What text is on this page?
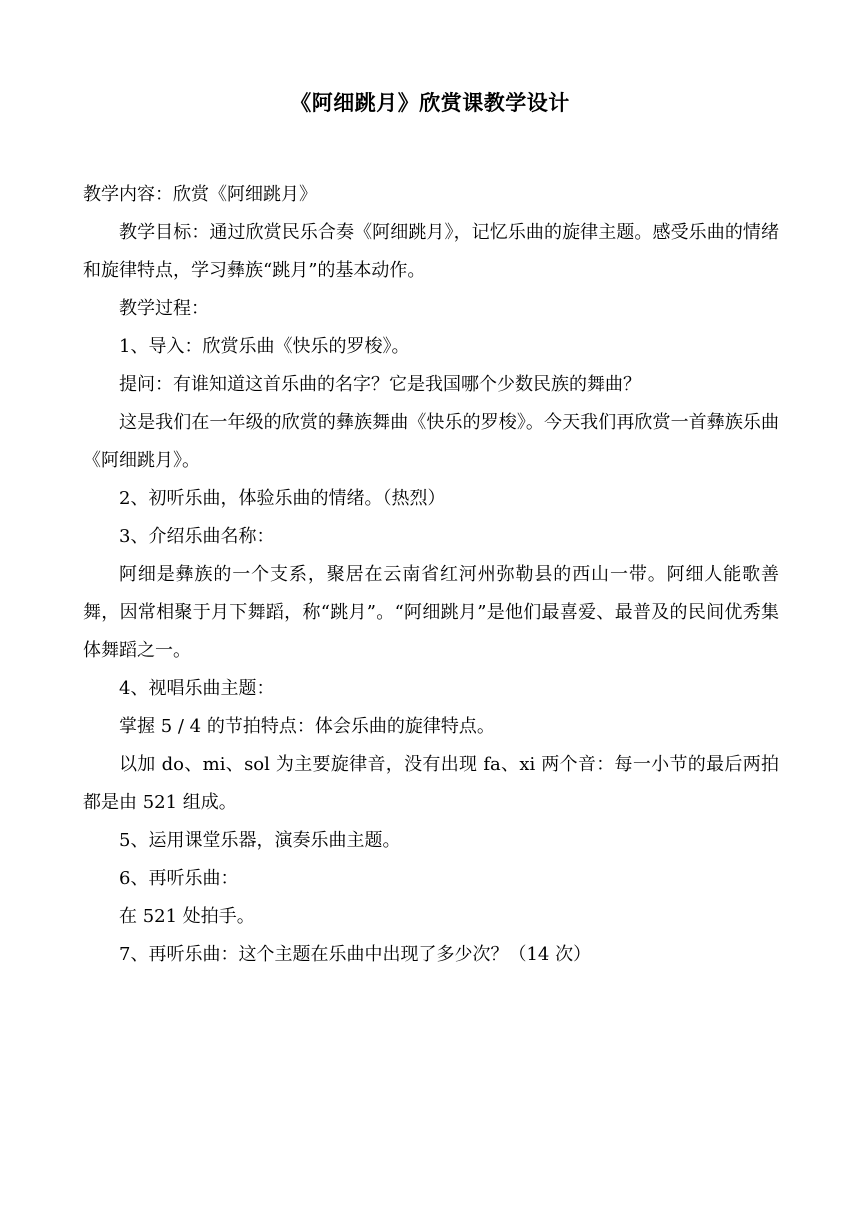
《阿细跳月》欣赏课教学设计

教学内容：欣赏《阿细跳月》

教学目标：通过欣赏民乐合奏《阿细跳月》，记忆乐曲的旋律主题。感受乐曲的情绪和旋律特点，学习彝族“跳月”的基本动作。

教学过程：

1、导入：欣赏乐曲《快乐的罗梭》。

提问：有谁知道这首乐曲的名字？它是我国哪个少数民族的舞曲？

这是我们在一年级的欣赏的彝族舞曲《快乐的罗梭》。今天我们再欣赏一首彝族乐曲《阿细跳月》。

2、初听乐曲，体验乐曲的情绪。（热烈）

3、介绍乐曲名称：

阿细是彝族的一个支系，聚居在云南省红河州弥勒县的西山一带。阿细人能歌善舞，因常相聚于月下舞蹈，称“跳月”。“阿细跳月”是他们最喜爱、最普及的民间优秀集体舞蹈之一。

4、视唱乐曲主题：

掌握 5 / 4 的节拍特点：体会乐曲的旋律特点。

以加 do、mi、sol 为主要旋律音，没有出现 fa、xi 两个音：每一小节的最后两拍都是由 521 组成。

5、运用课堂乐器，演奏乐曲主题。

6、再听乐曲：

在 521 处拍手。

7、再听乐曲：这个主题在乐曲中出现了多少次？（14 次）
